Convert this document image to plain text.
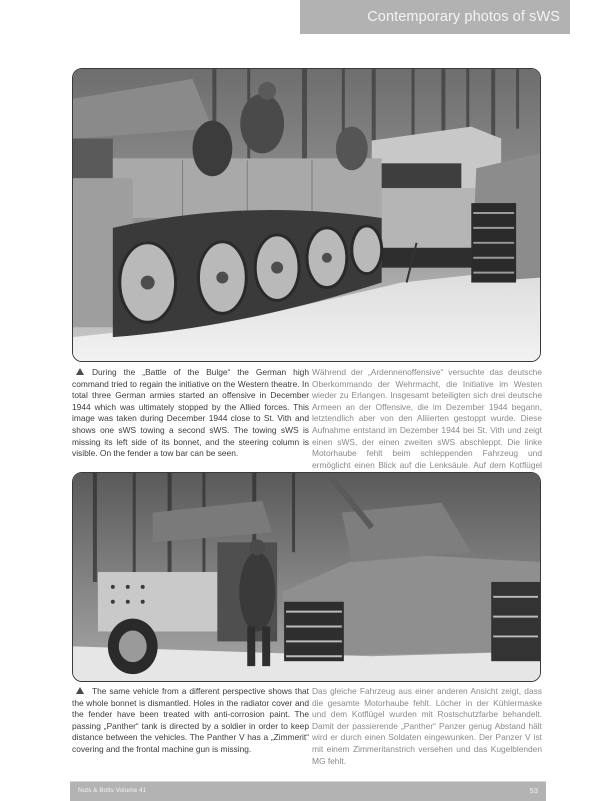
Contemporary photos of sWS
During the „Battle of the Bulge“ the German high command tried to regain the initiative on the Western theatre. In total three German armies started an offensive in December 1944 which was ultimately stopped by the Allied forces. This image was taken during December 1944 close to St. Vith and shows one sWS towing a second sWS. The towing sWS is missing its left side of its bonnet, and the steering column is visible. On the fender a tow bar can be seen.
Während der „Ardennenoffensive“ versuchte das deutsche Oberkommando der Wehrmacht, die Initiative im Westen wieder zu Erlangen. Insgesamt beteiligten sich drei deutsche Armeen an der Offensive, die im Dezember 1944 begann, letztendlich aber von den Alliierten gestoppt wurde. Diese Aufnahme entstand im Dezember 1944 bei St. Vith und zeigt einen sWS, der einen zweiten sWS abschleppt. Die linke Motorhaube fehlt beim schleppenden Fahrzeug und ermöglicht einen Blick auf die Lenksäule. Auf dem Kotflügel
The same vehicle from a different perspective shows that the whole bonnet is dismantled. Holes in the radiator cover and the fender have been treated with anti-corrosion paint. The passing „Panther“ tank is directed by a soldier in order to keep distance between the vehicles. The Panther V has a „Zimmerit“ covering and the frontal machine gun is missing.
Das gleiche Fahrzeug aus einer anderen Ansicht zeigt, dass die gesamte Motorhaube fehlt. Löcher in der Kühlermaske und dem Kotflügel wurden mit Rostschutzfarbe behandelt. Damit der passierende „Panther“ Panzer genug Abstand hält wird er durch einen Soldaten eingewunken. Der Panzer V ist mit einem Zimmeritanstrich versehen und das Kugelblenden MG fehlt.
Nuts & Bolts Volume 41	53
